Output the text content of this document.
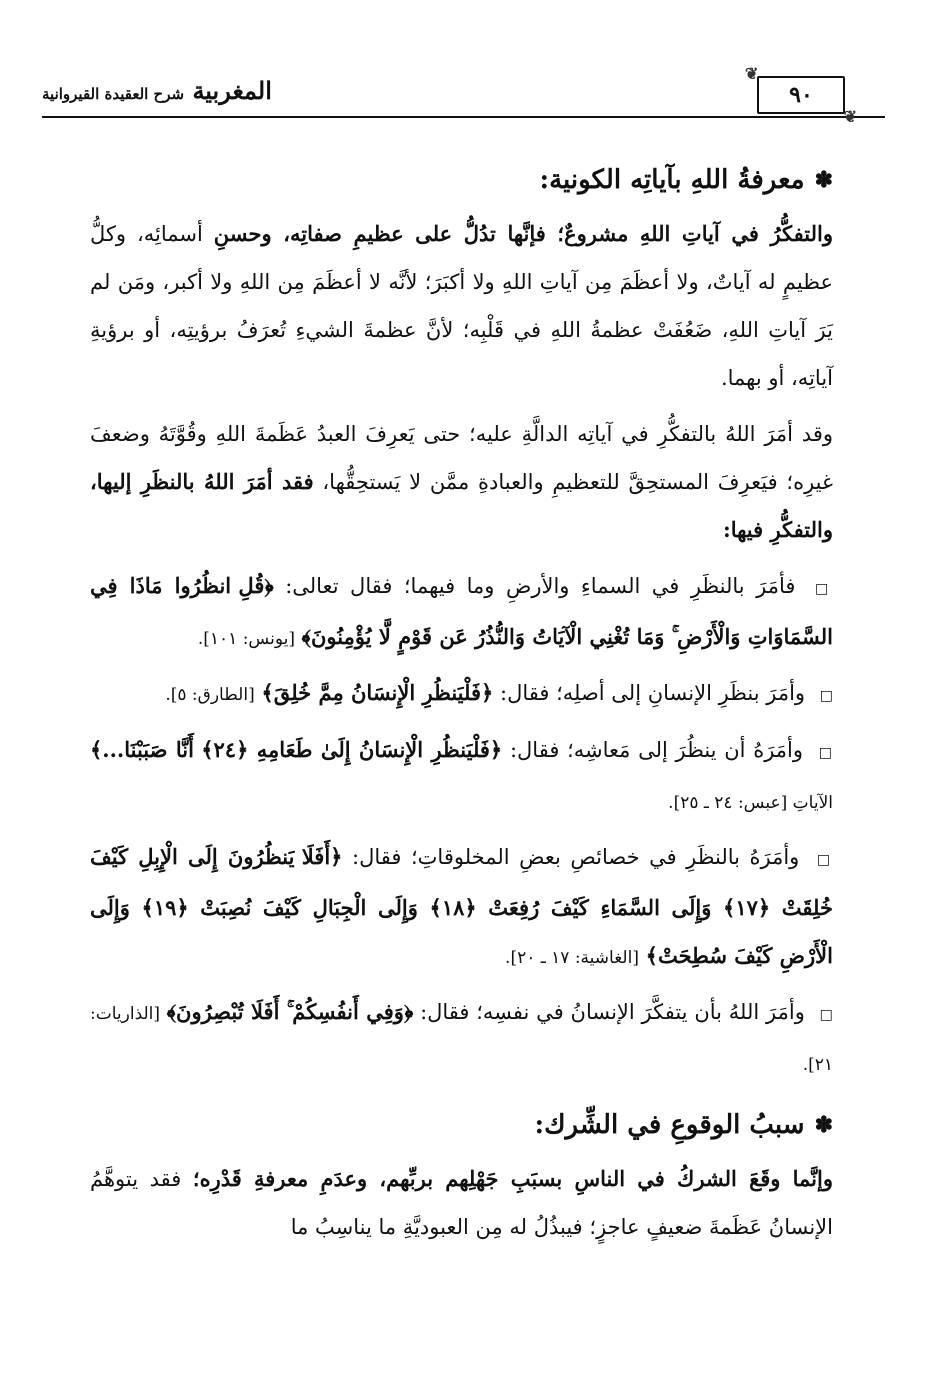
المغربية شرح العقيدة القيروانية
❦
٩٠
❦
✽
معرفةُ اللهِ بآياتِه الكونية:

والتفكُّرُ في آياتِ اللهِ مشروعٌ؛ فإنَّها تدُلُّ على عظيمِ صفاتِه، وحسنِ أسمائِه، وكلُّ عظيمٍ له آياتٌ، ولا أعظَمَ مِن آياتِ اللهِ ولا أكبَرَ؛ لأنَّه لا أعظَمَ مِن اللهِ ولا أكبر، ومَن لم يَرَ آياتِ اللهِ، ضَعُفَتْ عظمةُ اللهِ في قَلْبِه؛ لأنَّ عظمةَ الشيءِ تُعرَفُ برؤيتِه، أو برؤيةِ آياتِه، أو بهما.

وقد أمَرَ اللهُ بالتفكُّرِ في آياتِه الدالَّةِ عليه؛ حتى يَعرِفَ العبدُ عَظَمةَ اللهِ وقُوَّتَهُ وضعفَ غيرِه؛ فيَعرِفَ المستحِقَّ للتعظيمِ والعبادةِ ممَّن لا يَستحِقُّها، فقد أمَرَ اللهُ بالنظَرِ إليها، والتفكُّرِ فيها:

□ فأمَرَ بالنظَرِ في السماءِ والأرضِ وما فيهما؛ فقال تعالى: ﴿قُلِ انظُرُوا مَاذَا فِي السَّمَاوَاتِ وَالْأَرْضِ ۚ وَمَا تُغْنِي الْآيَاتُ وَالنُّذُرُ عَن قَوْمٍ لَّا يُؤْمِنُونَ﴾ [يونس: ١٠١].
□ وأمَرَ بنظَرِ الإنسانِ إلى أصلِه؛ فقال: ﴿فَلْيَنظُرِ الْإِنسَانُ مِمَّ خُلِقَ﴾ [الطارق: ٥].
□ وأمَرَهُ أن ينظُرَ إلى مَعاشِه؛ فقال: ﴿فَلْيَنظُرِ الْإِنسَانُ إِلَىٰ طَعَامِهِ ﴿٢٤﴾ أَنَّا صَبَبْنَا...﴾ الآياتِ [عبس: ٢٤ ـ ٢٥].
□ وأمَرَهُ بالنظَرِ في خصائصِ بعضِ المخلوقاتِ؛ فقال: ﴿أَفَلَا يَنظُرُونَ إِلَى الْإِبِلِ كَيْفَ خُلِقَتْ ﴿١٧﴾ وَإِلَى السَّمَاءِ كَيْفَ رُفِعَتْ ﴿١٨﴾ وَإِلَى الْجِبَالِ كَيْفَ نُصِبَتْ ﴿١٩﴾ وَإِلَى الْأَرْضِ كَيْفَ سُطِحَتْ﴾ [الغاشية: ١٧ ـ ٢٠].
□ وأمَرَ اللهُ بأن يتفكَّرَ الإنسانُ في نفسِه؛ فقال: ﴿وَفِي أَنفُسِكُمْ ۚ أَفَلَا تُبْصِرُونَ﴾ [الذاريات: ٢١].
✽
سببُ الوقوعِ في الشِّرك:

وإنَّما وقَعَ الشركُ في الناسِ بسبَبِ جَهْلِهم بربِّهم، وعدَمِ معرفةِ قَدْرِه؛ فقد يتوهَّمُ الإنسانُ عَظَمةَ ضعيفٍ عاجزٍ؛ فيبذُلُ له مِن العبوديَّةِ ما يناسِبُ ما
